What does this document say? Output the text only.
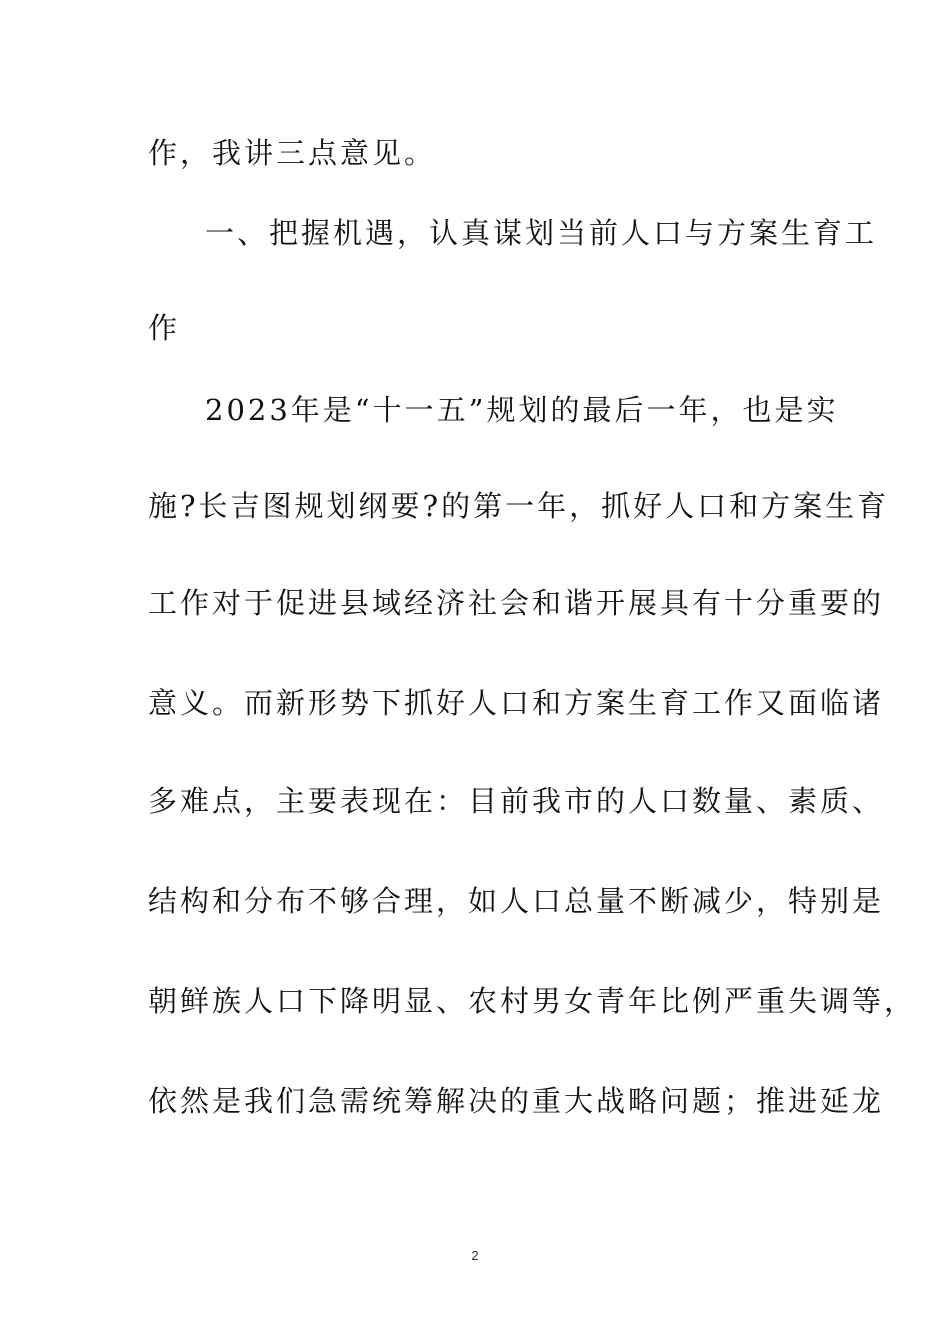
作，我讲三点意见。
一、把握机遇，认真谋划当前人口与方案生育工
作
2023年是“十一五”规划的最后一年，也是实
施?长吉图规划纲要?的第一年，抓好人口和方案生育
工作对于促进县域经济社会和谐开展具有十分重要的
意义。而新形势下抓好人口和方案生育工作又面临诸
多难点，主要表现在：目前我市的人口数量、素质、
结构和分布不够合理，如人口总量不断减少，特别是
朝鲜族人口下降明显、农村男女青年比例严重失调等，
依然是我们急需统筹解决的重大战略问题；推进延龙
2
